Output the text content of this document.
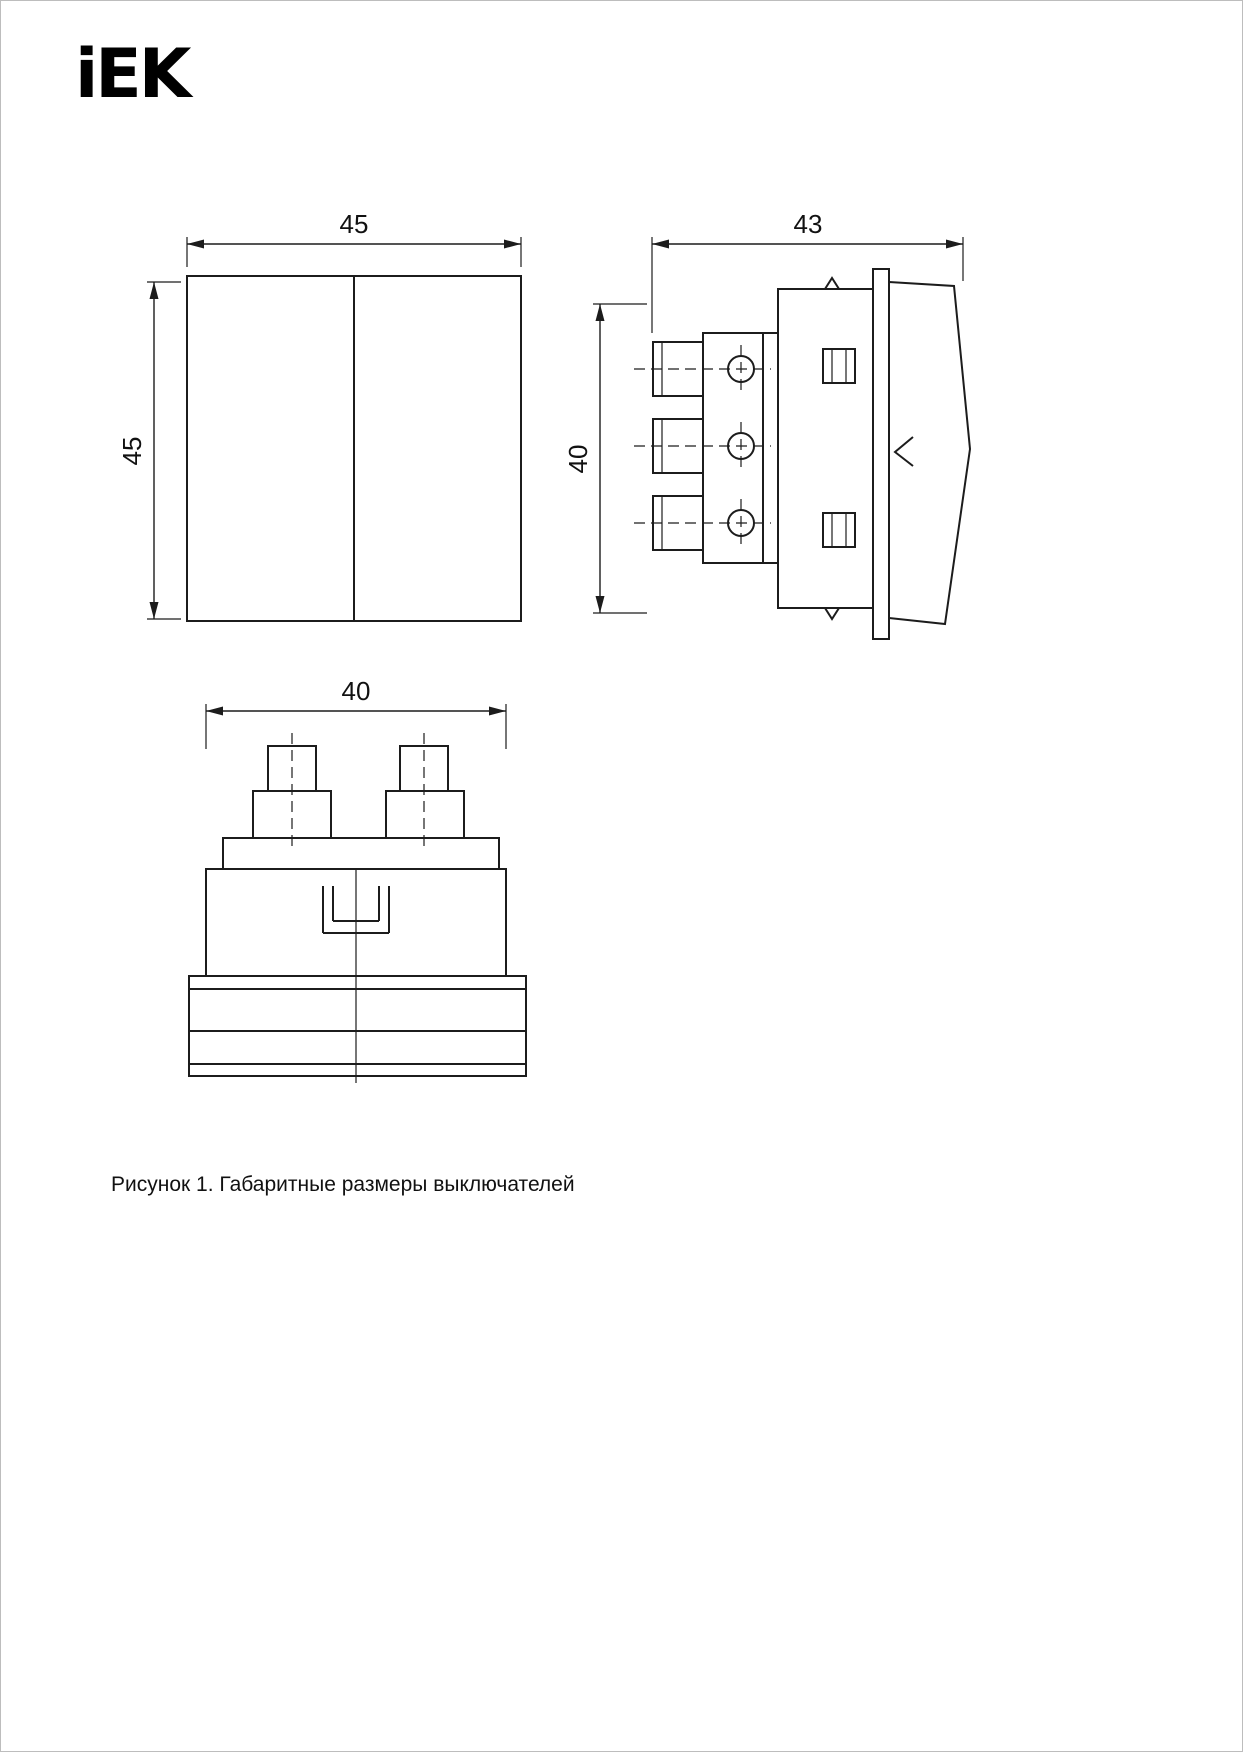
iEK
45
45
43
40
40
Рисунок 1. Габаритные размеры выключателей
